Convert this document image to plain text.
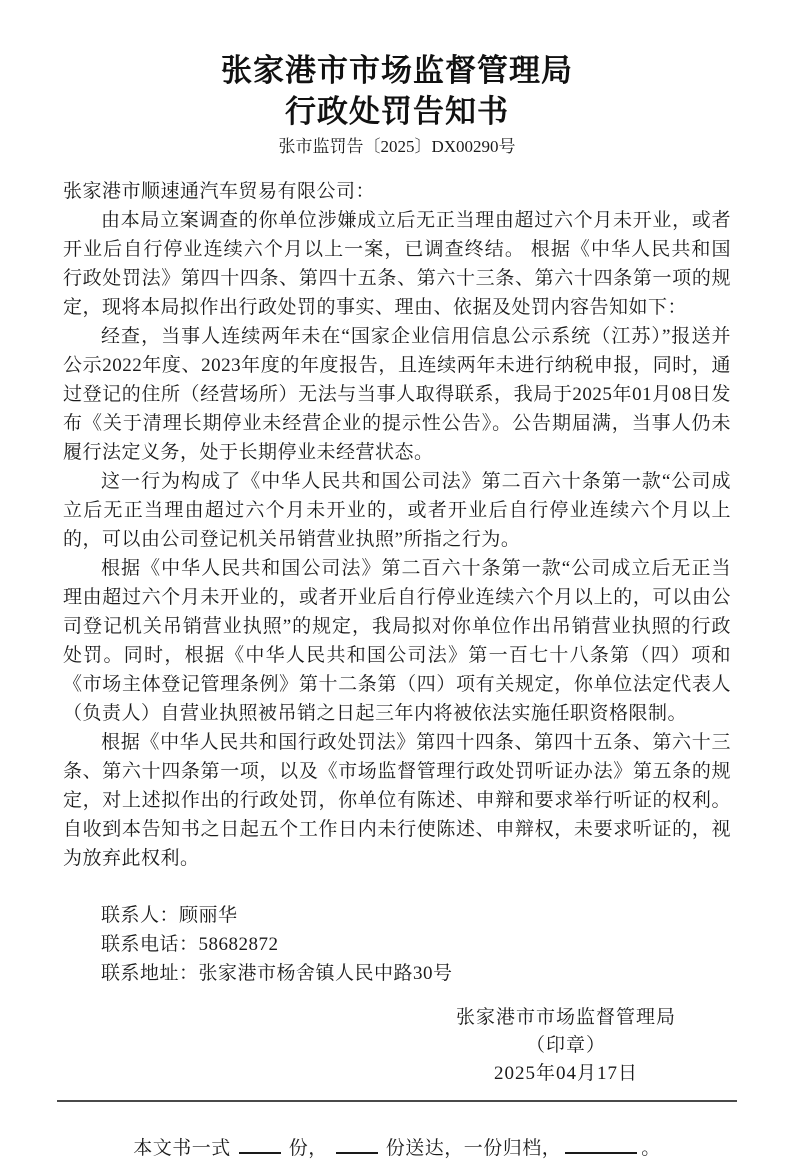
张家港市市场监督管理局
行政处罚告知书
张市监罚告〔2025〕DX00290号

张家港市顺速通汽车贸易有限公司：

由本局立案调查的你单位涉嫌成立后无正当理由超过六个月未开业，或者开业后自行停业连续六个月以上一案，已调查终结。 根据《中华人民共和国行政处罚法》第四十四条、第四十五条、第六十三条、第六十四条第一项的规定，现将本局拟作出行政处罚的事实、理由、依据及处罚内容告知如下：

经查，当事人连续两年未在“国家企业信用信息公示系统（江苏）”报送并公示2022年度、2023年度的年度报告，且连续两年未进行纳税申报，同时，通过登记的住所（经营场所）无法与当事人取得联系，我局于2025年01月08日发布《关于清理长期停业未经营企业的提示性公告》。公告期届满，当事人仍未履行法定义务，处于长期停业未经营状态。

这一行为构成了《中华人民共和国公司法》第二百六十条第一款“公司成立后无正当理由超过六个月未开业的，或者开业后自行停业连续六个月以上的，可以由公司登记机关吊销营业执照”所指之行为。

根据《中华人民共和国公司法》第二百六十条第一款“公司成立后无正当理由超过六个月未开业的，或者开业后自行停业连续六个月以上的，可以由公司登记机关吊销营业执照”的规定，我局拟对你单位作出吊销营业执照的行政处罚。同时，根据《中华人民共和国公司法》第一百七十八条第（四）项和《市场主体登记管理条例》第十二条第（四）项有关规定，你单位法定代表人（负责人）自营业执照被吊销之日起三年内将被依法实施任职资格限制。

根据《中华人民共和国行政处罚法》第四十四条、第四十五条、第六十三条、第六十四条第一项，以及《市场监督管理行政处罚听证办法》第五条的规定，对上述拟作出的行政处罚，你单位有陈述、申辩和要求举行听证的权利。自收到本告知书之日起五个工作日内未行使陈述、申辩权，未要求听证的，视为放弃此权利。

联系人：顾丽华

联系电话：58682872

联系地址：张家港市杨舍镇人民中路30号

张家港市市场监督管理局

（印章）

2025年04月17日

本文书一式	份，	份送达，一份归档，	。
